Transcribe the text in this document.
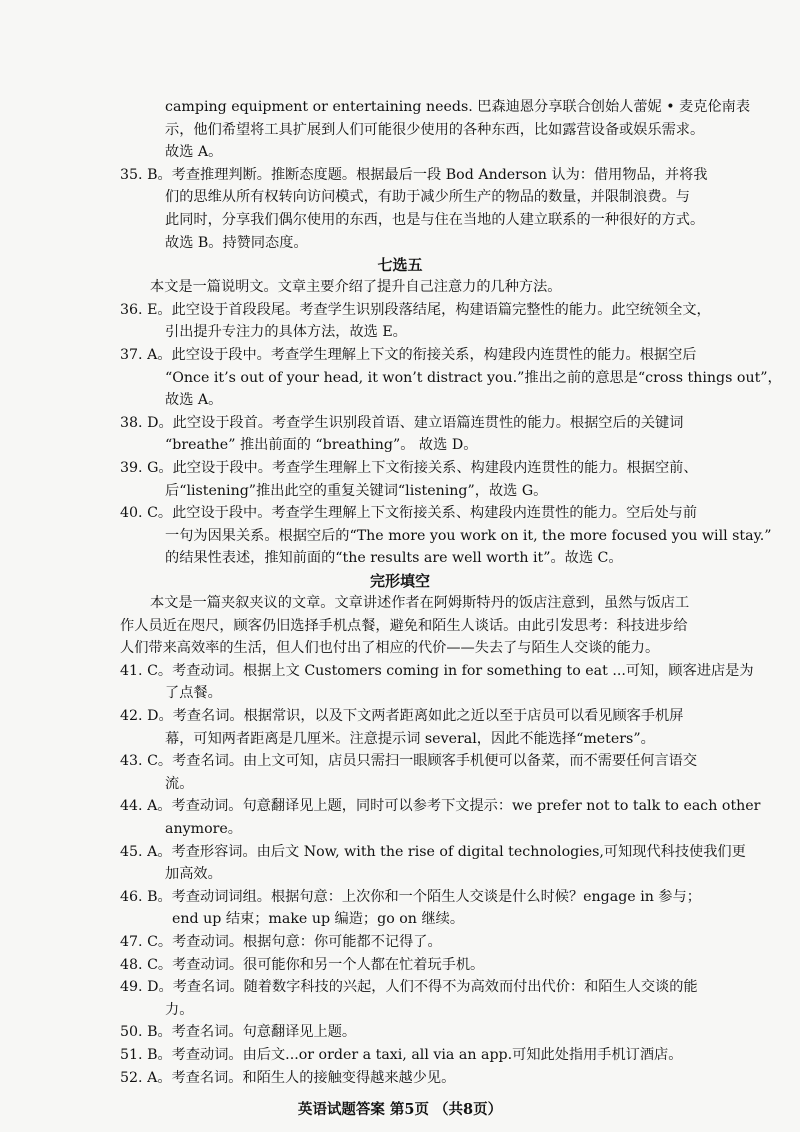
camping equipment or entertaining needs. 巴森迪恩分享联合创始人蕾妮 • 麦克伦南表
示，他们希望将工具扩展到人们可能很少使用的各种东西，比如露营设备或娱乐需求。
故选 A。
35. B。考查推理判断。推断态度题。根据最后一段 Bod Anderson 认为：借用物品，并将我
们的思维从所有权转向访问模式，有助于减少所生产的物品的数量，并限制浪费。与
此同时，分享我们偶尔使用的东西，也是与住在当地的人建立联系的一种很好的方式。
故选 B。持赞同态度。
七选五
本文是一篇说明文。文章主要介绍了提升自己注意力的几种方法。
36. E。此空设于首段段尾。考查学生识别段落结尾，构建语篇完整性的能力。此空统领全文，
引出提升专注力的具体方法，故选 E。
37. A。此空设于段中。考查学生理解上下文的衔接关系，构建段内连贯性的能力。根据空后
“Once it’s out of your head, it won’t distract you.”推出之前的意思是“cross things out”，
故选 A。
38. D。此空设于段首。考查学生识别段首语、建立语篇连贯性的能力。根据空后的关键词
“breathe” 推出前面的 “breathing”。 故选 D。
39. G。此空设于段中。考查学生理解上下文衔接关系、构建段内连贯性的能力。根据空前、
后“listening”推出此空的重复关键词“listening”，故选 G。
40. C。此空设于段中。考查学生理解上下文衔接关系、构建段内连贯性的能力。空后处与前
一句为因果关系。根据空后的“The more you work on it, the more focused you will stay.”
的结果性表述，推知前面的“the results are well worth it”。故选 C。
完形填空
本文是一篇夹叙夹议的文章。文章讲述作者在阿姆斯特丹的饭店注意到，虽然与饭店工
作人员近在咫尺，顾客仍旧选择手机点餐，避免和陌生人谈话。由此引发思考：科技进步给
人们带来高效率的生活，但人们也付出了相应的代价——失去了与陌生人交谈的能力。
41. C。考查动词。根据上文 Customers coming in for something to eat ...可知，顾客进店是为
了点餐。
42. D。考查名词。根据常识，以及下文两者距离如此之近以至于店员可以看见顾客手机屏
幕，可知两者距离是几厘米。注意提示词 several，因此不能选择“meters”。
43. C。考查名词。由上文可知，店员只需扫一眼顾客手机便可以备菜，而不需要任何言语交
流。
44. A。考查动词。句意翻译见上题，同时可以参考下文提示：we prefer not to talk to each other
anymore。
45. A。考查形容词。由后文 Now, with the rise of digital technologies,可知现代科技使我们更
加高效。
46. B。考查动词词组。根据句意：上次你和一个陌生人交谈是什么时候？engage in 参与；
end up 结束；make up 编造；go on 继续。
47. C。考查动词。根据句意：你可能都不记得了。
48. C。考查动词。很可能你和另一个人都在忙着玩手机。
49. D。考查名词。随着数字科技的兴起，人们不得不为高效而付出代价：和陌生人交谈的能
力。
50. B。考查名词。句意翻译见上题。
51. B。考查动词。由后文...or order a taxi, all via an app.可知此处指用手机订酒店。
52. A。考查名词。和陌生人的接触变得越来越少见。
英语试题答案 第5页 （共8页）
